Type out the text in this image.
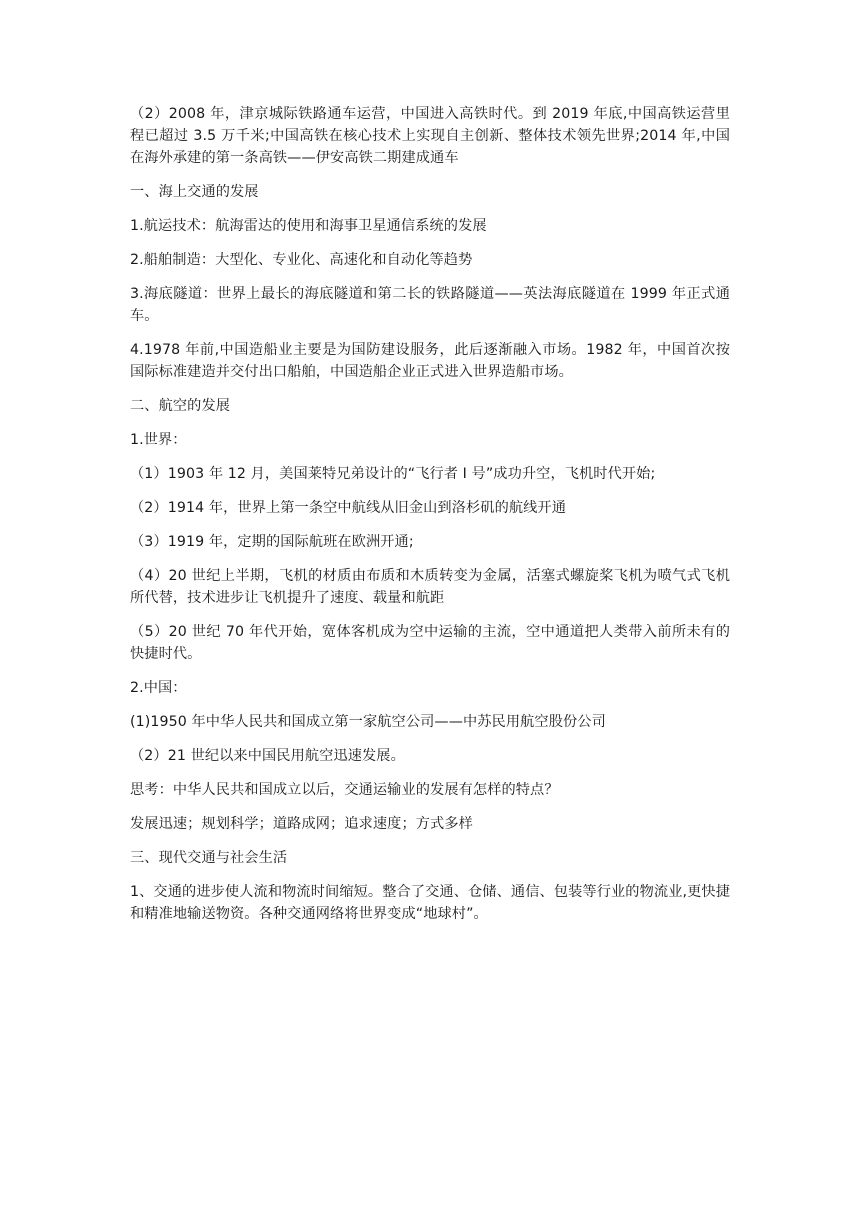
（2）2008 年，津京城际铁路通车运营，中国进入高铁时代。到 2019 年底,中国高铁运营里程已超过 3.5 万千米;中国高铁在核心技术上实现自主创新、整体技术领先世界;2014 年,中国在海外承建的第一条高铁——伊安高铁二期建成通车

一、海上交通的发展

1.航运技术：航海雷达的使用和海事卫星通信系统的发展

2.船舶制造：大型化、专业化、高速化和自动化等趋势

3.海底隧道：世界上最长的海底隧道和第二长的铁路隧道——英法海底隧道在 1999 年正式通车。

4.1978 年前,中国造船业主要是为国防建设服务，此后逐渐融入市场。1982 年，中国首次按国际标准建造并交付出口船舶，中国造船企业正式进入世界造船市场。

二、航空的发展

1.世界：

（1）1903 年 12 月，美国莱特兄弟设计的“飞行者 I 号”成功升空，飞机时代开始;

（2）1914 年，世界上第一条空中航线从旧金山到洛杉矶的航线开通

（3）1919 年，定期的国际航班在欧洲开通;

（4）20 世纪上半期，飞机的材质由布质和木质转变为金属，活塞式螺旋桨飞机为喷气式飞机所代替，技术进步让飞机提升了速度、载量和航距

（5）20 世纪 70 年代开始，宽体客机成为空中运输的主流，空中通道把人类带入前所未有的快捷时代。

2.中国：

(1)1950 年中华人民共和国成立第一家航空公司——中苏民用航空股份公司

（2）21 世纪以来中国民用航空迅速发展。

思考：中华人民共和国成立以后，交通运输业的发展有怎样的特点？

发展迅速；规划科学；道路成网；追求速度；方式多样

三、现代交通与社会生活

1、交通的进步使人流和物流时间缩短。整合了交通、仓储、通信、包装等行业的物流业,更快捷和精准地输送物资。各种交通网络将世界变成“地球村”。
